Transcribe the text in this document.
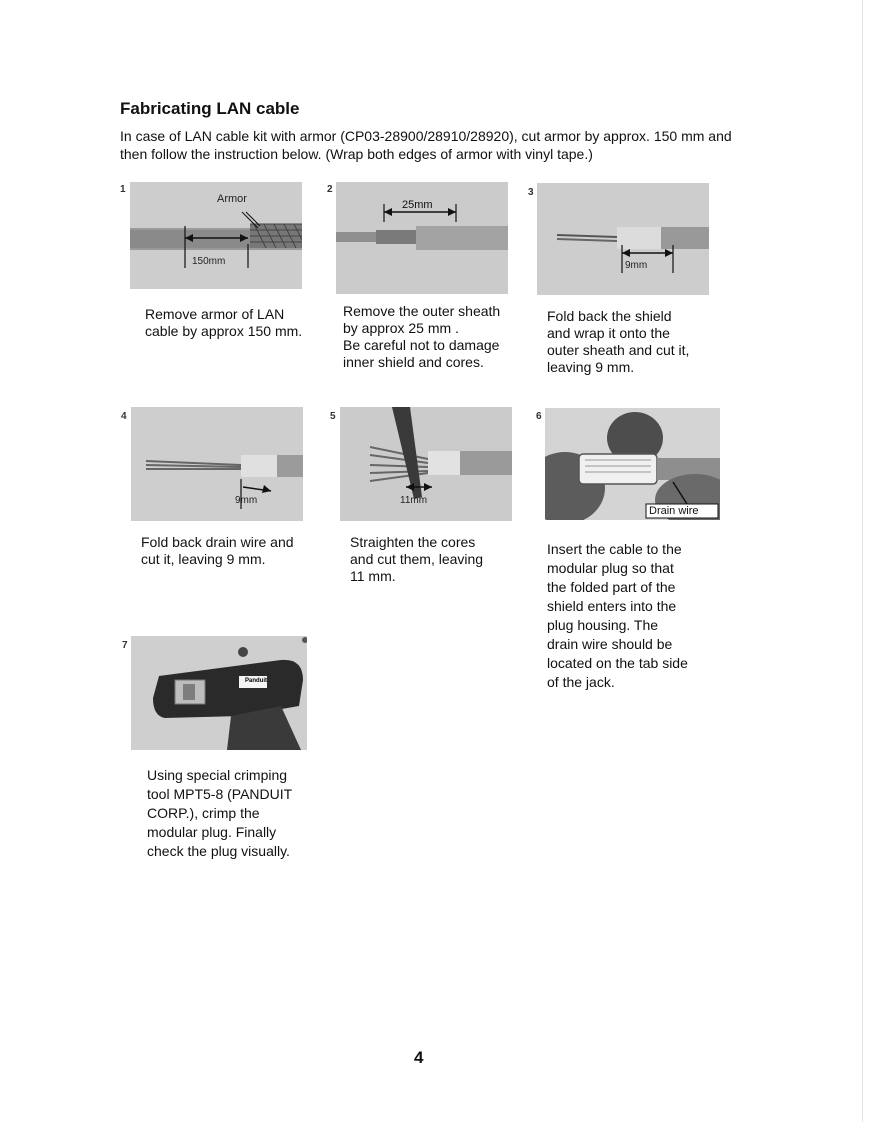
Fabricating LAN cable

In case of LAN cable kit with armor (CP03-28900/28910/28920), cut armor by approx. 150 mm and then follow the instruction below. (Wrap both edges of armor with vinyl tape.)

1
Armor
150mm

Remove armor of LAN
cable by approx 150 mm.

2
25mm

Remove the outer sheath
by approx 25 mm .
Be careful not to damage
inner shield and cores.

3
9mm

Fold back the shield
and wrap it onto the
outer sheath and cut it,
leaving 9 mm.

4
9mm

Fold back drain wire and
cut it, leaving 9 mm.

5
11mm

Straighten the cores
and cut them, leaving
11 mm.

6
Drain wire

Insert the cable to the
modular plug so that
the folded part of the
shield enters into the
plug housing. The
drain wire should be
located on the tab side
of the jack.

7
Panduit

Using special crimping
tool MPT5-8 (PANDUIT
CORP.), crimp the
modular plug. Finally
check the plug visually.

4
